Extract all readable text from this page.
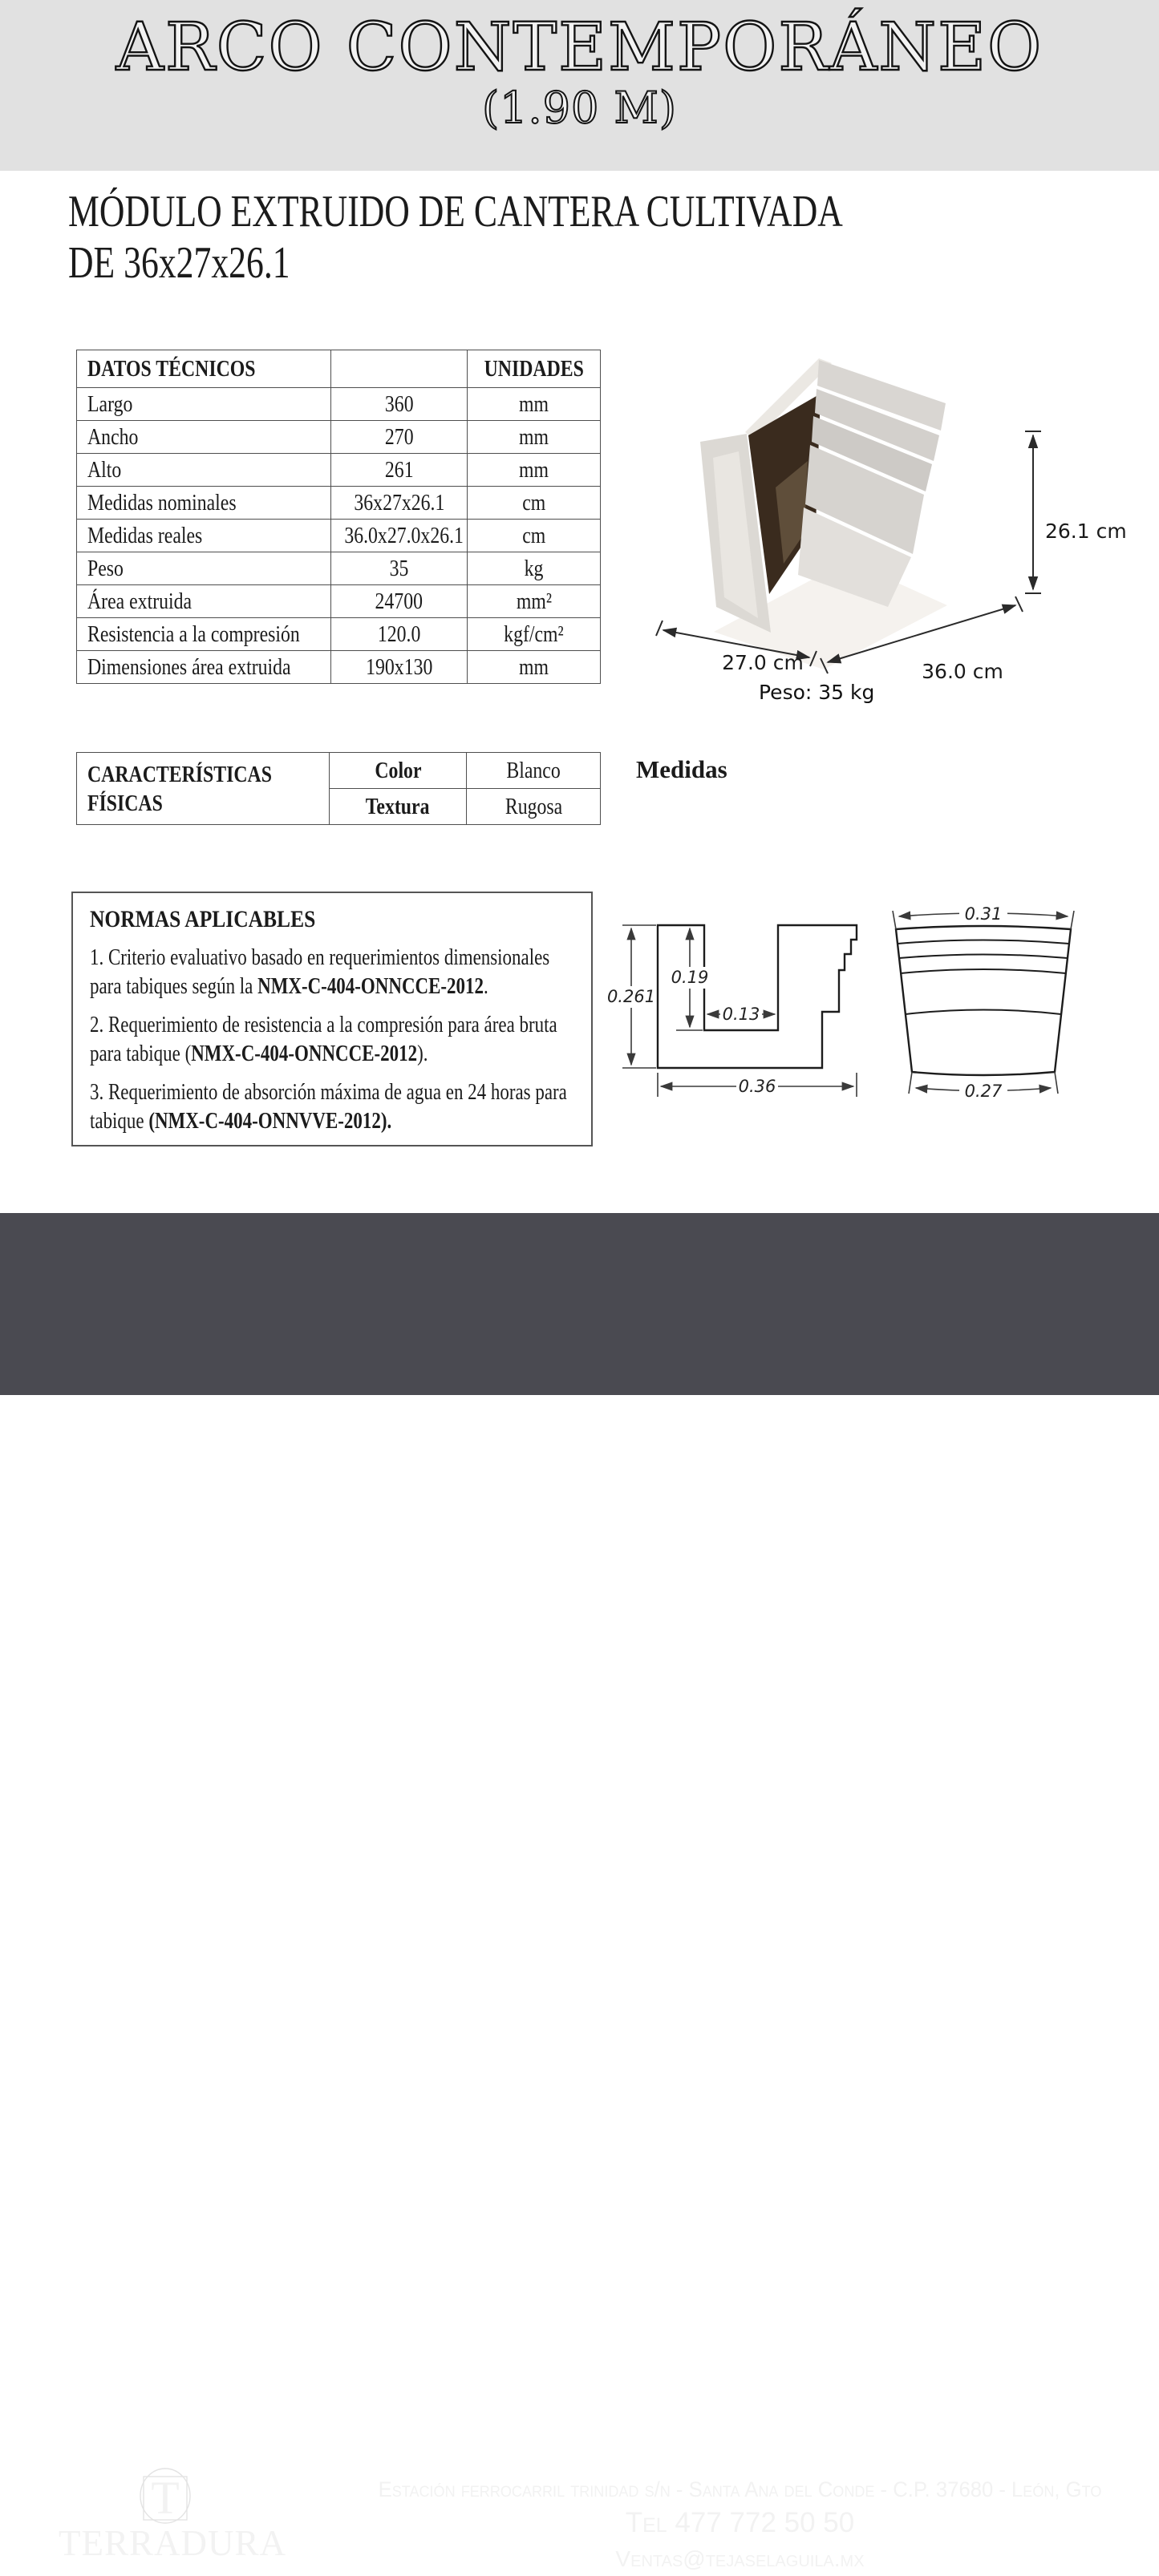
ARCO CONTEMPORÁNEO
(1.90 M)
MÓDULO EXTRUIDO DE CANTERA CULTIVADA
DE 36x27x26.1
DATOS TÉCNICOS		UNIDADES
Largo	360	mm
Ancho	270	mm
Alto	261	mm
Medidas nominales	36x27x26.1	cm
Medidas reales	36.0x27.0x26.1	cm
Peso	35	kg
Área extruida	24700	mm²
Resistencia a la compresión	120.0	kgf/cm²
Dimensiones área extruida	190x130	mm
26.1 cm
27.0 cm	36.0 cm
Peso: 35 kg
CARACTERÍSTICAS
FÍSICAS	Color	Blanco
	Textura	Rugosa
Medidas
NORMAS APLICABLES
1. Criterio evaluativo basado en requerimientos dimensionales para tabiques según la NMX-C-404-ONNCCE-2012.
2. Requerimiento de resistencia a la compresión para área bruta para tabique (NMX-C-404-ONNCCE-2012).
3. Requerimiento de absorción máxima de agua en 24 horas para tabique (NMX-C-404-ONNVVE-2012).
0.261
0.19
0.13
0.36
0.31
0.27
T
TERRADURA
Estación ferrocarril trinidad s/n - Santa Ana del Conde - C.P. 37680 - León, Gto
Tel 477 772 50 50
Ventas@tejaselaguila.mx
